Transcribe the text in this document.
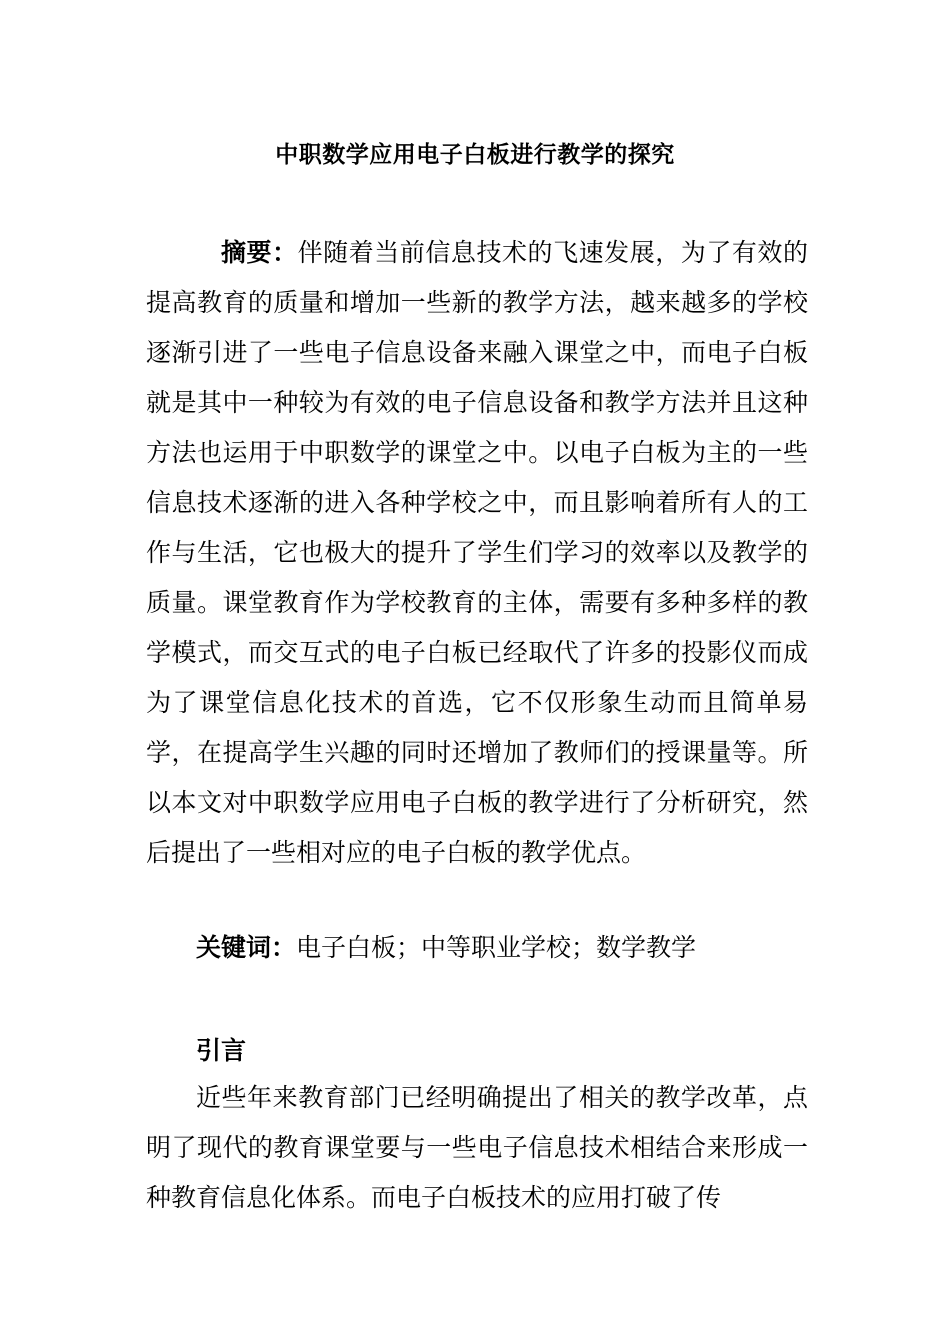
中职数学应用电子白板进行教学的探究

摘要：伴随着当前信息技术的飞速发展，为了有效的提高教育的质量和增加一些新的教学方法，越来越多的学校逐渐引进了一些电子信息设备来融入课堂之中，而电子白板就是其中一种较为有效的电子信息设备和教学方法并且这种方法也运用于中职数学的课堂之中。以电子白板为主的一些信息技术逐渐的进入各种学校之中，而且影响着所有人的工作与生活，它也极大的提升了学生们学习的效率以及教学的质量。课堂教育作为学校教育的主体，需要有多种多样的教学模式，而交互式的电子白板已经取代了许多的投影仪而成为了课堂信息化技术的首选，它不仅形象生动而且简单易学，在提高学生兴趣的同时还增加了教师们的授课量等。所以本文对中职数学应用电子白板的教学进行了分析研究，然后提出了一些相对应的电子白板的教学优点。

关键词：电子白板；中等职业学校；数学教学

引言

近些年来教育部门已经明确提出了相关的教学改革，点明了现代的教育课堂要与一些电子信息技术相结合来形成一种教育信息化体系。而电子白板技术的应用打破了传
